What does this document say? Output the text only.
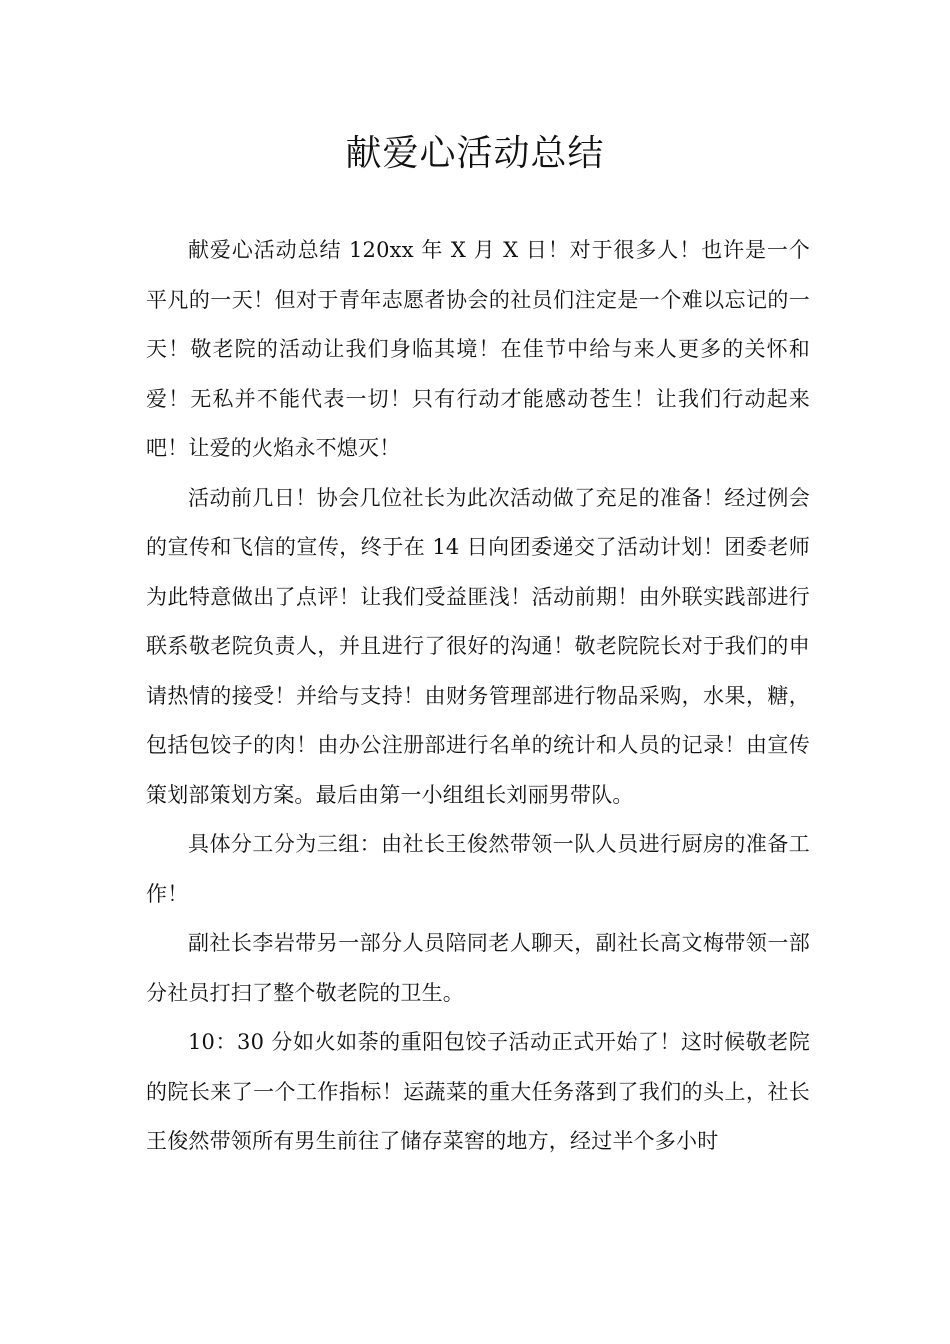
献爱心活动总结

献爱心活动总结 120xx 年 X 月 X 日！对于很多人！也许是一个平凡的一天！但对于青年志愿者协会的社员们注定是一个难以忘记的一天！敬老院的活动让我们身临其境！在佳节中给与来人更多的关怀和爱！无私并不能代表一切！只有行动才能感动苍生！让我们行动起来吧！让爱的火焰永不熄灭！

活动前几日！协会几位社长为此次活动做了充足的准备！经过例会的宣传和飞信的宣传，终于在 14 日向团委递交了活动计划！团委老师为此特意做出了点评！让我们受益匪浅！活动前期！由外联实践部进行联系敬老院负责人，并且进行了很好的沟通！敬老院院长对于我们的申请热情的接受！并给与支持！由财务管理部进行物品采购，水果，糖，包括包饺子的肉！由办公注册部进行名单的统计和人员的记录！由宣传策划部策划方案。最后由第一小组组长刘丽男带队。

具体分工分为三组：由社长王俊然带领一队人员进行厨房的准备工作！

副社长李岩带另一部分人员陪同老人聊天，副社长高文梅带领一部分社员打扫了整个敬老院的卫生。

10：30 分如火如荼的重阳包饺子活动正式开始了！这时候敬老院的院长来了一个工作指标！运蔬菜的重大任务落到了我们的头上，社长王俊然带领所有男生前往了储存菜窖的地方，经过半个多小时
